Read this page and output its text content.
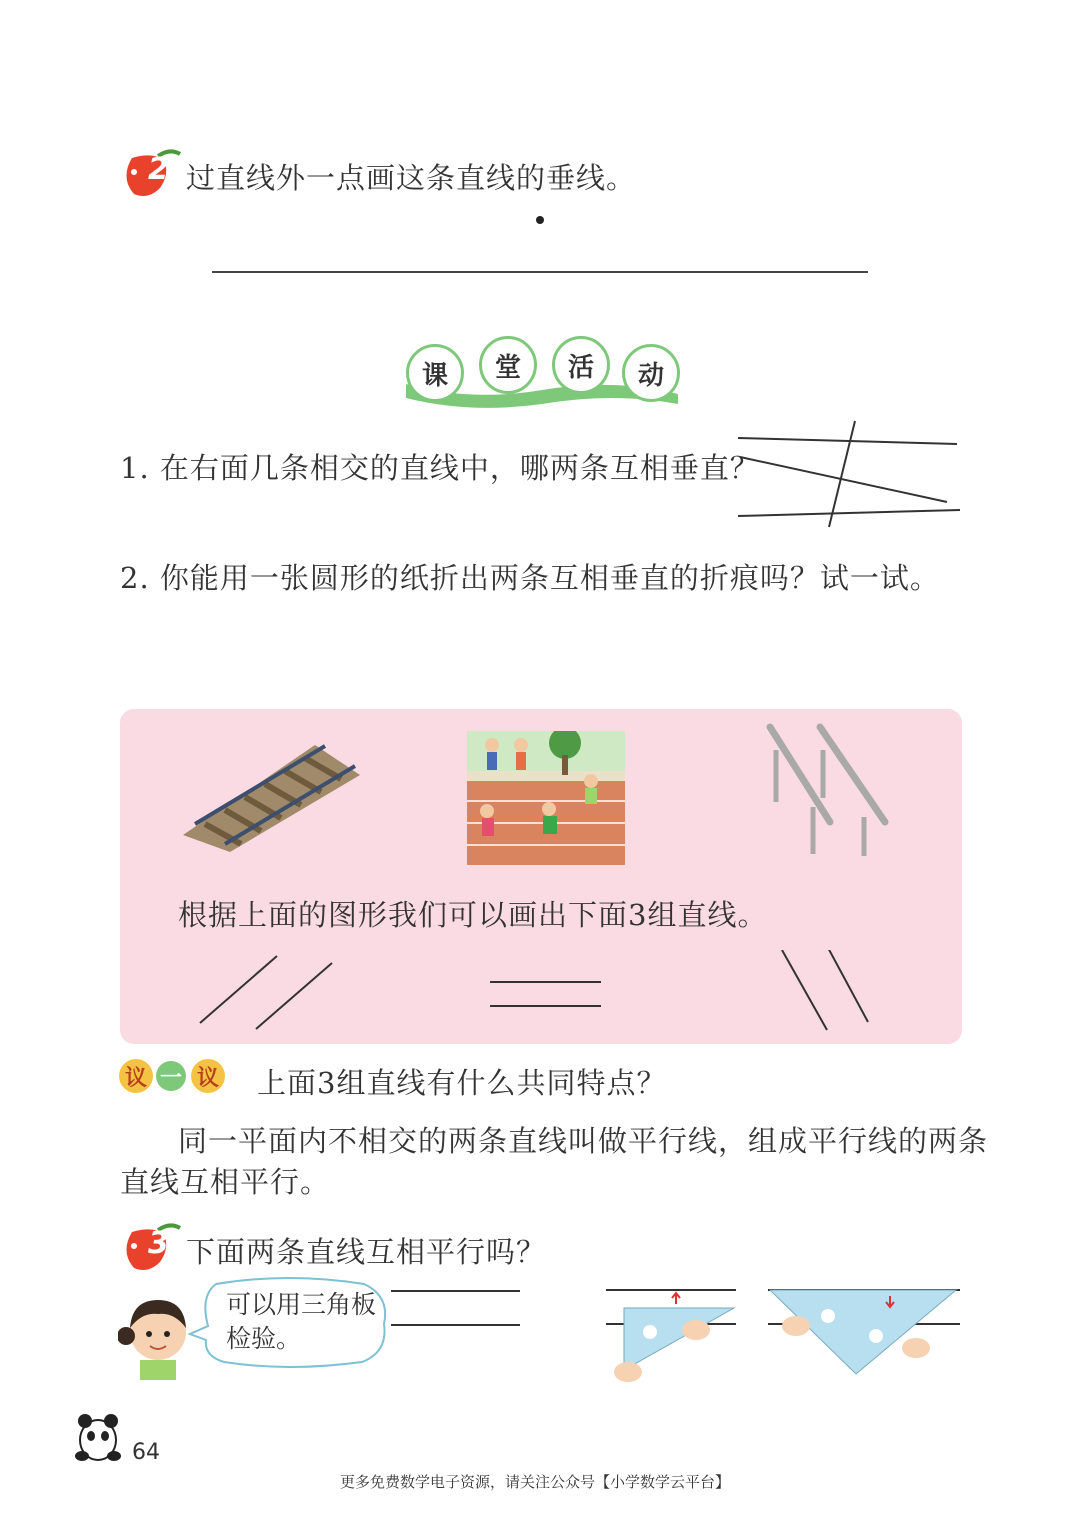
2 过直线外一点画这条直线的垂线。
课	堂	活	动
1. 在右面几条相交的直线中，哪两条互相垂直？
2. 你能用一张圆形的纸折出两条互相垂直的折痕吗？试一试。
根据上面的图形我们可以画出下面3组直线。
议 一 议 上面3组直线有什么共同特点？
同一平面内不相交的两条直线叫做平行线，组成平行线的两条
直线互相平行。
3 下面两条直线互相平行吗？
可以用三角板
检验。
64
更多免费数学电子资源，请关注公众号【小学数学云平台】
